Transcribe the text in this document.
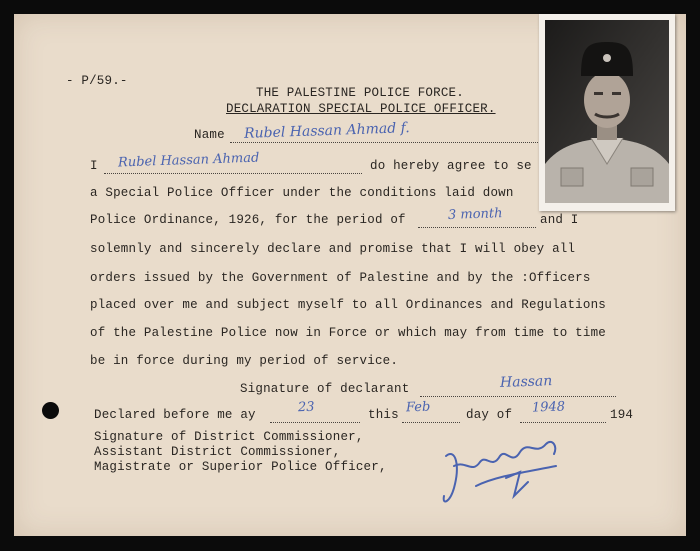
- P/59.-
THE PALESTINE POLICE FORCE.
DECLARATION SPECIAL POLICE OFFICER.
Name Rubel Hassan Ahmad f.
I Rubel Hassan Ahmad	do hereby agree to se
a Special Police Officer under the conditions laid down
Police Ordinance, 1926, for the period of	3 month	and I
solemnly and sincerely declare and promise that I will obey all
orders issued by the Government of Palestine and by the :Officers
placed over me and subject myself to all Ordinances and Regulations
of the Palestine Police now in Force or which may from time to time
be in force during my period of service.
Signature of declarant	Hassan
Declared before me ay	23	this Feb	day of 1948	194
Signature of District Commissioner,
Assistant District Commissioner,
Magistrate or Superior Police Officer,
